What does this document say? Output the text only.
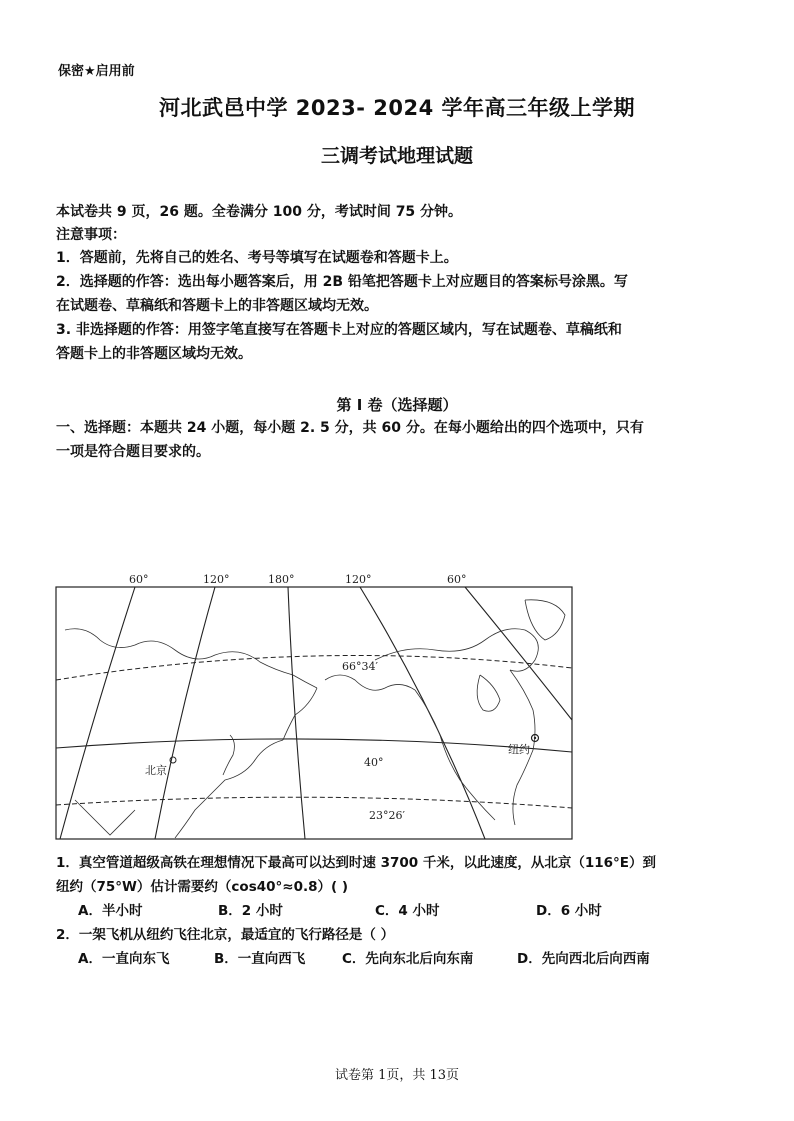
保密★启用前
河北武邑中学 2023- 2024 学年高三年级上学期
三调考试地理试题
本试卷共 9 页，26 题。全卷满分 100 分，考试时间 75 分钟。
注意事项：
1．答题前，先将自己的姓名、考号等填写在试题卷和答题卡上。
2．选择题的作答：选出每小题答案后，用 2B 铅笔把答题卡上对应题目的答案标号涂黑。写
在试题卷、草稿纸和答题卡上的非答题区域均无效。
3. 非选择题的作答：用签字笔直接写在答题卡上对应的答题区域内，写在试题卷、草稿纸和
答题卡上的非答题区域均无效。
第 I 卷（选择题）
一、选择题：本题共 24 小题，每小题 2. 5 分，共 60 分。在每小题给出的四个选项中，只有
一项是符合题目要求的。
60°	120°	180°	120°	60°
66°34′
40°
23°26′
北京
纽约
1．真空管道超级高铁在理想情况下最高可以达到时速 3700 千米，以此速度，从北京（116°E）到
纽约（75°W）估计需要约（cos40°≈0.8）( )
A．半小时	B．2 小时	C．4 小时	D．6 小时
2．一架飞机从纽约飞往北京，最适宜的飞行路径是（ ）
A．一直向东飞	B．一直向西飞	C．先向东北后向东南	D．先向西北后向西南
试卷第 1页，共 13页
